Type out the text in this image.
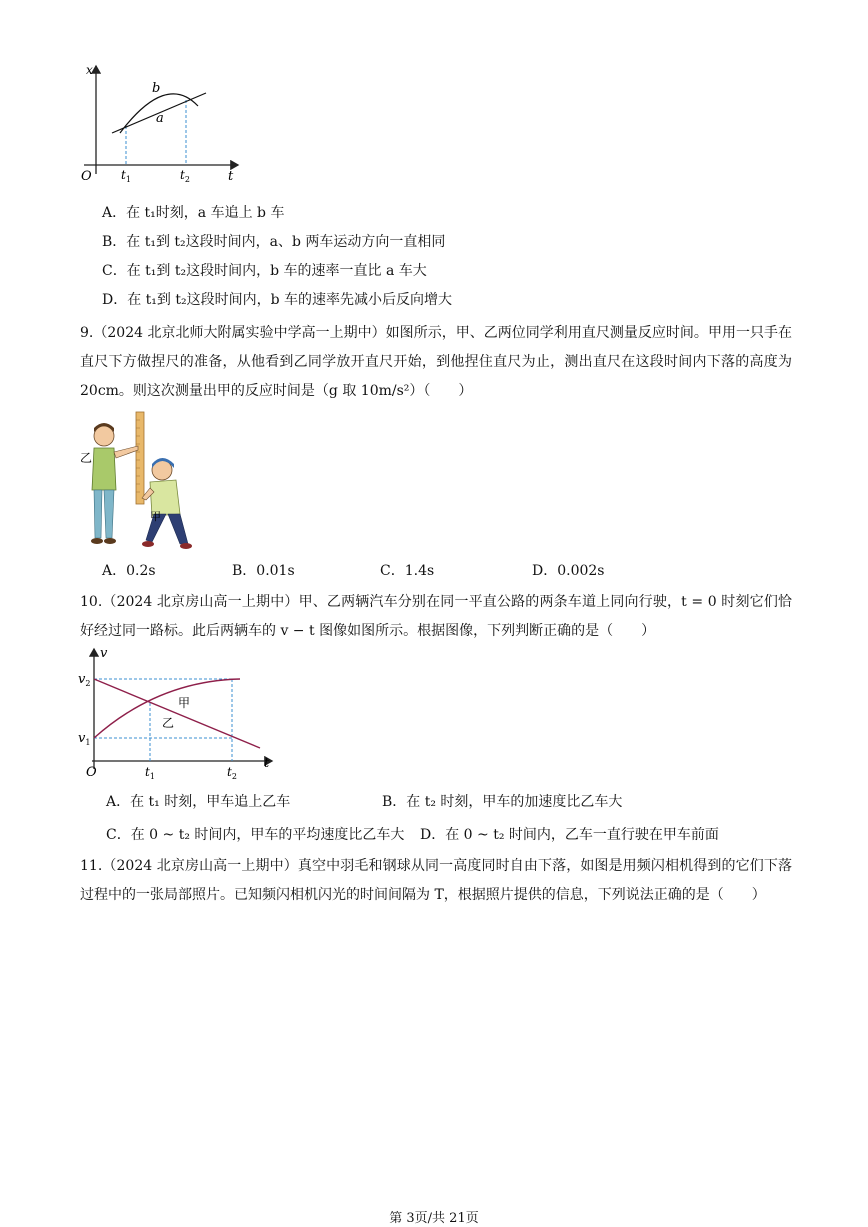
x
t
O
b
a
$t_1$	$t_2$
A．在 t₁时刻，a 车追上 b 车
B．在 t₁到 t₂这段时间内，a、b 两车运动方向一直相同
C．在 t₁到 t₂这段时间内，b 车的速率一直比 a 车大
D．在 t₁到 t₂这段时间内，b 车的速率先减小后反向增大
9.（2024 北京北师大附属实验中学高一上期中）如图所示，甲、乙两位同学利用直尺测量反应时间。甲用一只手在直尺下方做捏尺的准备，从他看到乙同学放开直尺开始，到他捏住直尺为止，测出直尺在这段时间内下落的高度为 20cm。则这次测量出甲的反应时间是（g 取 10m/s²）（　　）
乙
甲
A．0.2s	B．0.01s	C．1.4s	D．0.002s
10.（2024 北京房山高一上期中）甲、乙两辆汽车分别在同一平直公路的两条车道上同向行驶，t = 0 时刻它们恰好经过同一路标。此后两辆车的 v − t 图像如图所示。根据图像，下列判断正确的是（　　）
v
t
O
$v_2$
$v_1$
$t_1$	$t_2$
甲
乙
A．在 t₁ 时刻，甲车追上乙车	B．在 t₂ 时刻，甲车的加速度比乙车大
C．在 0 ~ t₂ 时间内，甲车的平均速度比乙车大 D．在 0 ~ t₂ 时间内，乙车一直行驶在甲车前面
11.（2024 北京房山高一上期中）真空中羽毛和钢球从同一高度同时自由下落，如图是用频闪相机得到的它们下落过程中的一张局部照片。已知频闪相机闪光的时间间隔为 T，根据照片提供的信息，下列说法正确的是（　　）
第 3页/共 21页
